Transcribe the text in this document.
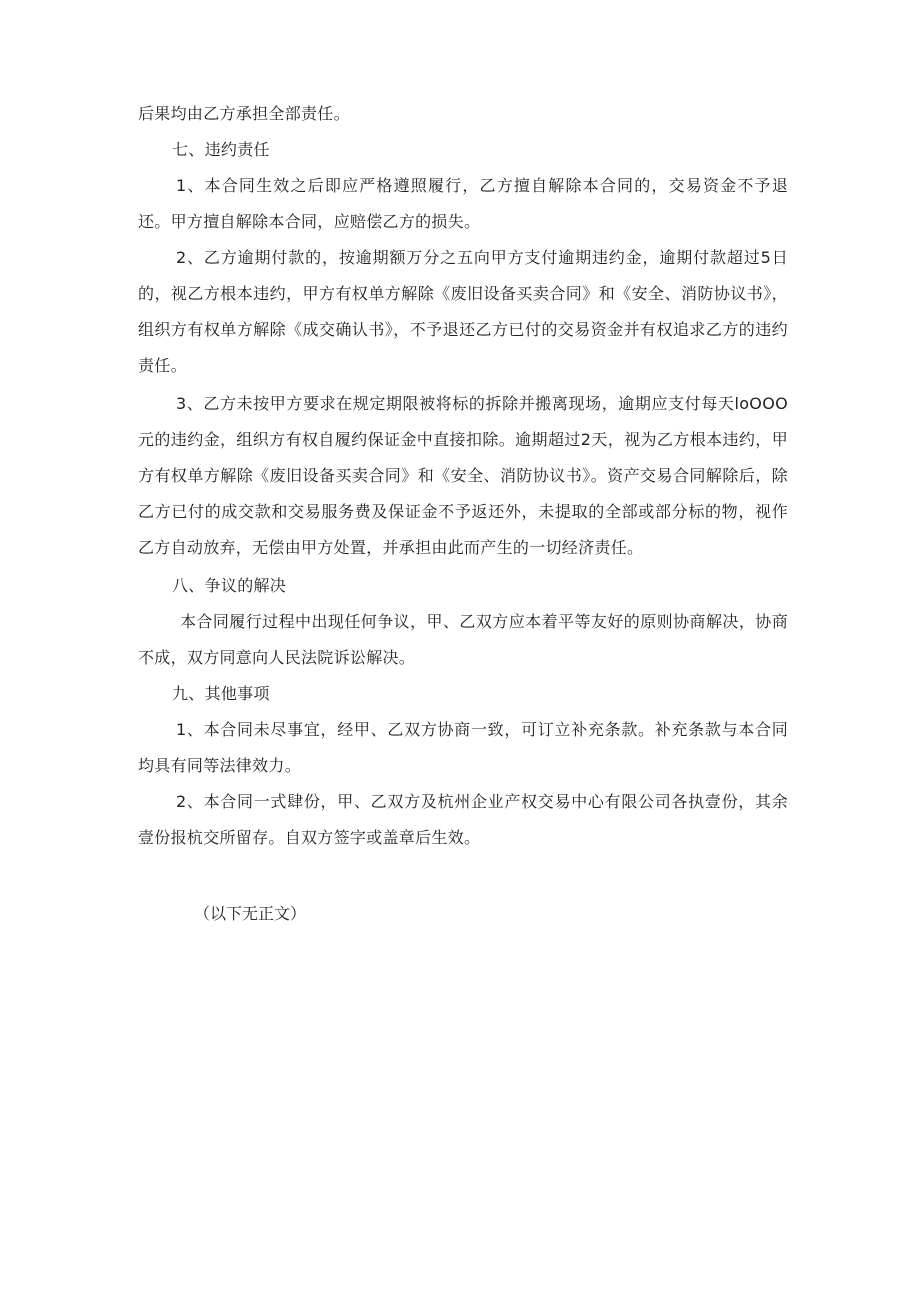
后果均由乙方承担全部责任。

七、违约责任

1、本合同生效之后即应严格遵照履行，乙方擅自解除本合同的，交易资金不予退还。甲方擅自解除本合同，应赔偿乙方的损失。

2、乙方逾期付款的，按逾期额万分之五向甲方支付逾期违约金，逾期付款超过5日的，视乙方根本违约，甲方有权单方解除《废旧设备买卖合同》和《安全、消防协议书》，组织方有权单方解除《成交确认书》，不予退还乙方已付的交易资金并有权追求乙方的违约责任。

3、乙方未按甲方要求在规定期限被将标的拆除并搬离现场，逾期应支付每天loOOO元的违约金，组织方有权自履约保证金中直接扣除。逾期超过2天，视为乙方根本违约，甲方有权单方解除《废旧设备买卖合同》和《安全、消防协议书》。资产交易合同解除后，除乙方已付的成交款和交易服务费及保证金不予返还外，未提取的全部或部分标的物，视作乙方自动放弃，无偿由甲方处置，并承担由此而产生的一切经济责任。

八、争议的解决

本合同履行过程中出现任何争议，甲、乙双方应本着平等友好的原则协商解决，协商不成，双方同意向人民法院诉讼解决。

九、其他事项

1、本合同未尽事宜，经甲、乙双方协商一致，可订立补充条款。补充条款与本合同均具有同等法律效力。

2、本合同一式肆份，甲、乙双方及杭州企业产权交易中心有限公司各执壹份，其余壹份报杭交所留存。自双方签字或盖章后生效。

（以下无正文）
